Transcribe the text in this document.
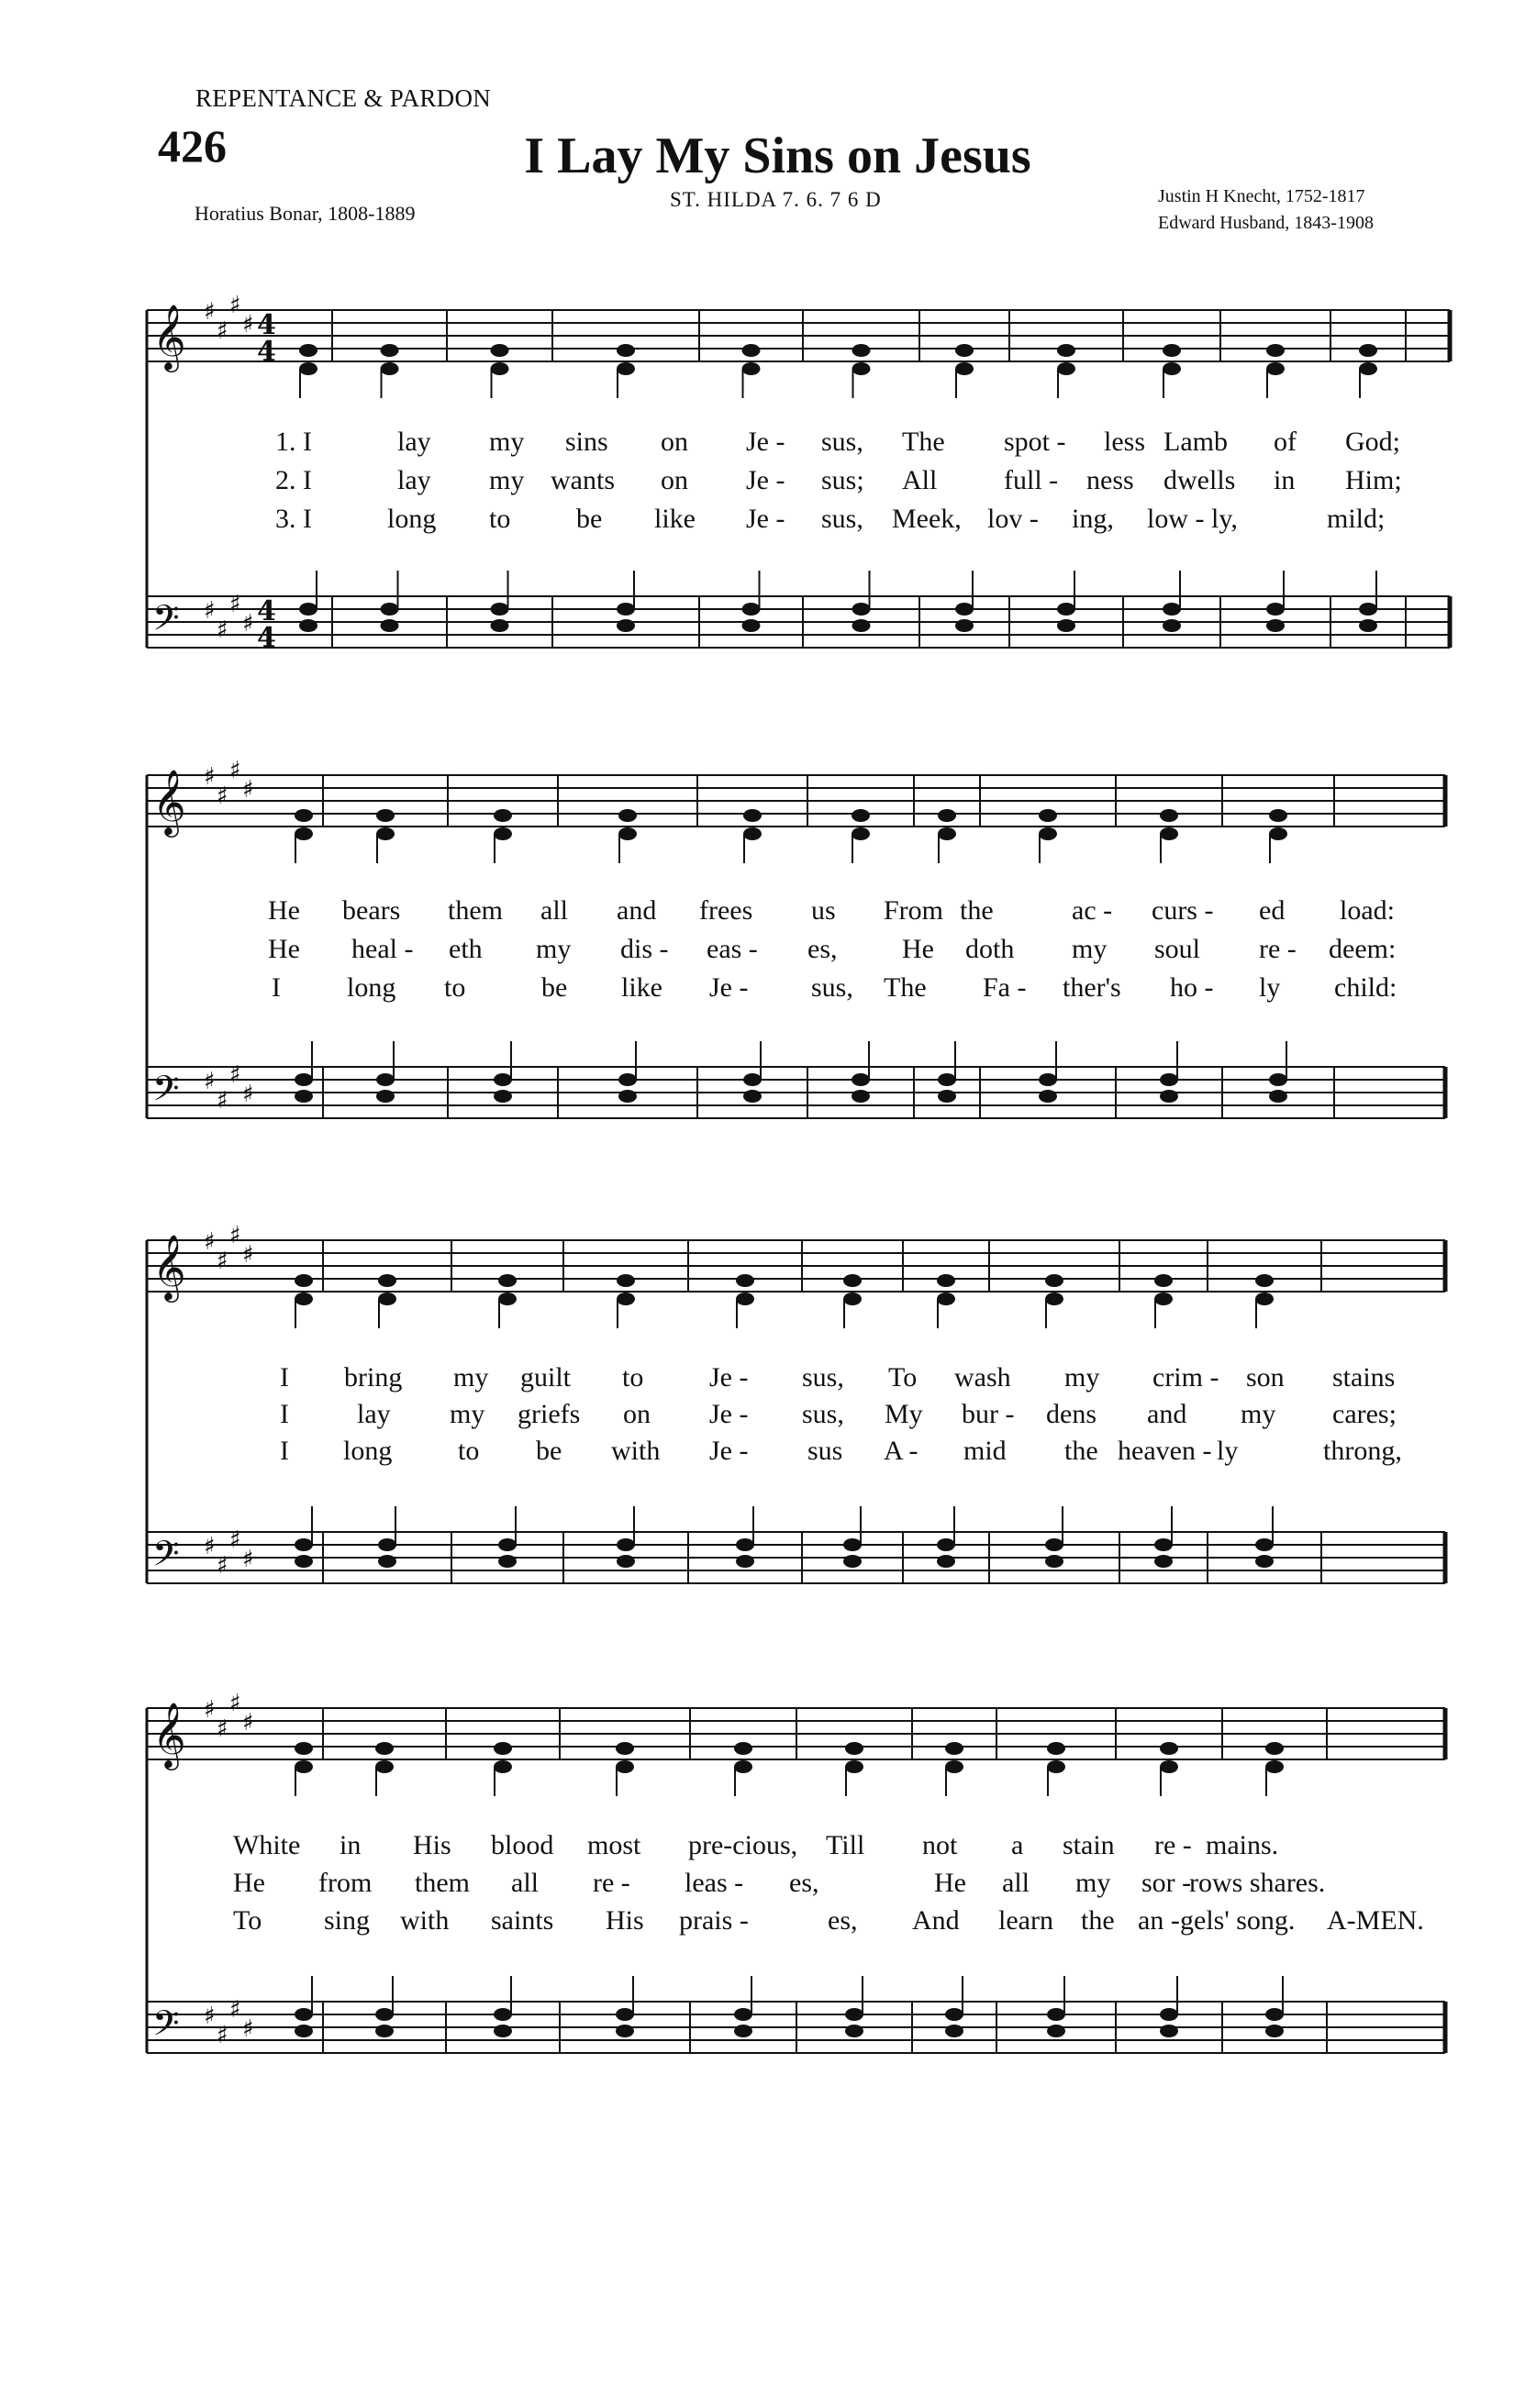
REPENTANCE & PARDON
426	I Lay My Sins on Jesus
Horatius Bonar, 1808-1889
ST. HILDA 7. 6. 7 6 D	Justin H Knecht, 1752-1817
Edward Husband, 1843-1908
𝄞 ♯
♯
♯
♯ 4
4
𝄢 ♯
♯
♯
♯ 4
4
𝄞 ♯
♯
♯
♯
𝄢 ♯
♯
♯
♯
𝄞 ♯
♯
♯
♯
𝄢 ♯
♯
♯
♯
𝄞 ♯
♯
♯
♯
𝄢 ♯
♯
♯
♯
1. I	lay my sins on Je - sus, The spot - less Lamb of God;
2. I	lay my wants on Je - sus; All full - ness dwells in Him;
3. I	long to be like Je - sus, Meek, lov - ing, low - ly,	mild;
He bears them all and frees us From the	ac - curs - ed load:
He heal - eth my dis - eas - es, He doth my soul re - deem:
I long to	be like Je - sus, The Fa - ther's ho - ly child:
I bring my guilt to Je - sus, To wash my crim - son stains
I lay my griefs on Je - sus, My bur - dens and my cares;
I long to be with Je - sus A - mid the heaven - ly	throng,
White in His blood most pre-cious, Till not a stain re - mains.
He from them all re - leas - es,	He all my sor -
rows shares.
To sing with saints His prais -	es, And learn the an - gels' song. A-MEN.
